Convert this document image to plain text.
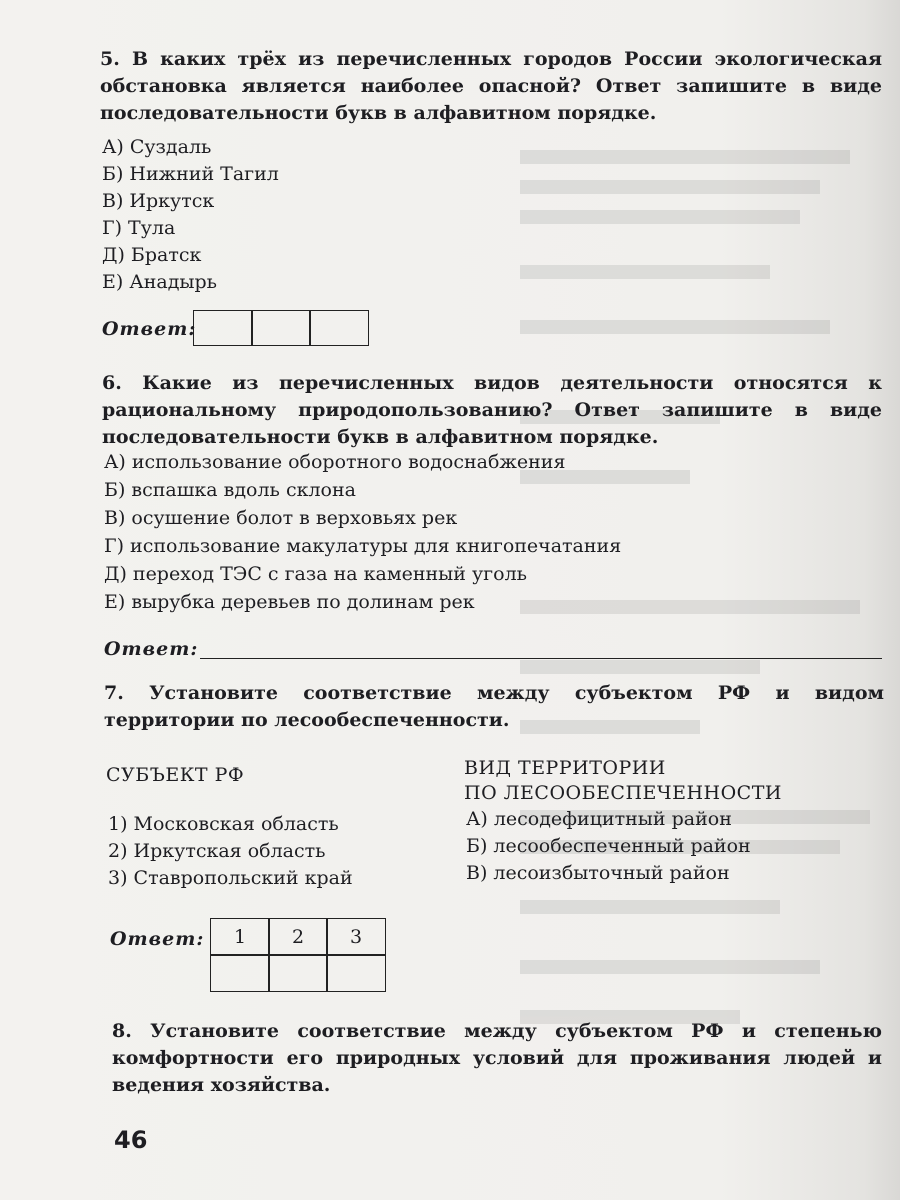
5. В каких трёх из перечисленных городов России экологическая обстановка является наиболее опасной? Ответ запишите в виде последовательности букв в алфавитном порядке.
А) Суздаль
Б) Нижний Тагил
В) Иркутск
Г) Тула
Д) Братск
Е) Анадырь
Ответ:
6. Какие из перечисленных видов деятельности относятся к рациональному природопользованию? Ответ запишите в виде последовательности букв в алфавитном порядке.
А) использование оборотного водоснабжения
Б) вспашка вдоль склона
В) осушение болот в верховьях рек
Г) использование макулатуры для книгопечатания
Д) переход ТЭС с газа на каменный уголь
Е) вырубка деревьев по долинам рек
Ответ:
7. Установите соответствие между субъектом РФ и видом территории по лесообеспеченности.
СУБЪЕКТ РФ	ВИД ТЕРРИТОРИИ
ПО ЛЕСООБЕСПЕЧЕННОСТИ
1) Московская область
2) Иркутская область
3) Ставропольский край
А) лесодефицитный район
Б) лесообеспеченный район
В) лесоизбыточный район
Ответ:	1	2	3
8. Установите соответствие между субъектом РФ и степенью комфортности его природных условий для проживания людей и ведения хозяйства.
46
